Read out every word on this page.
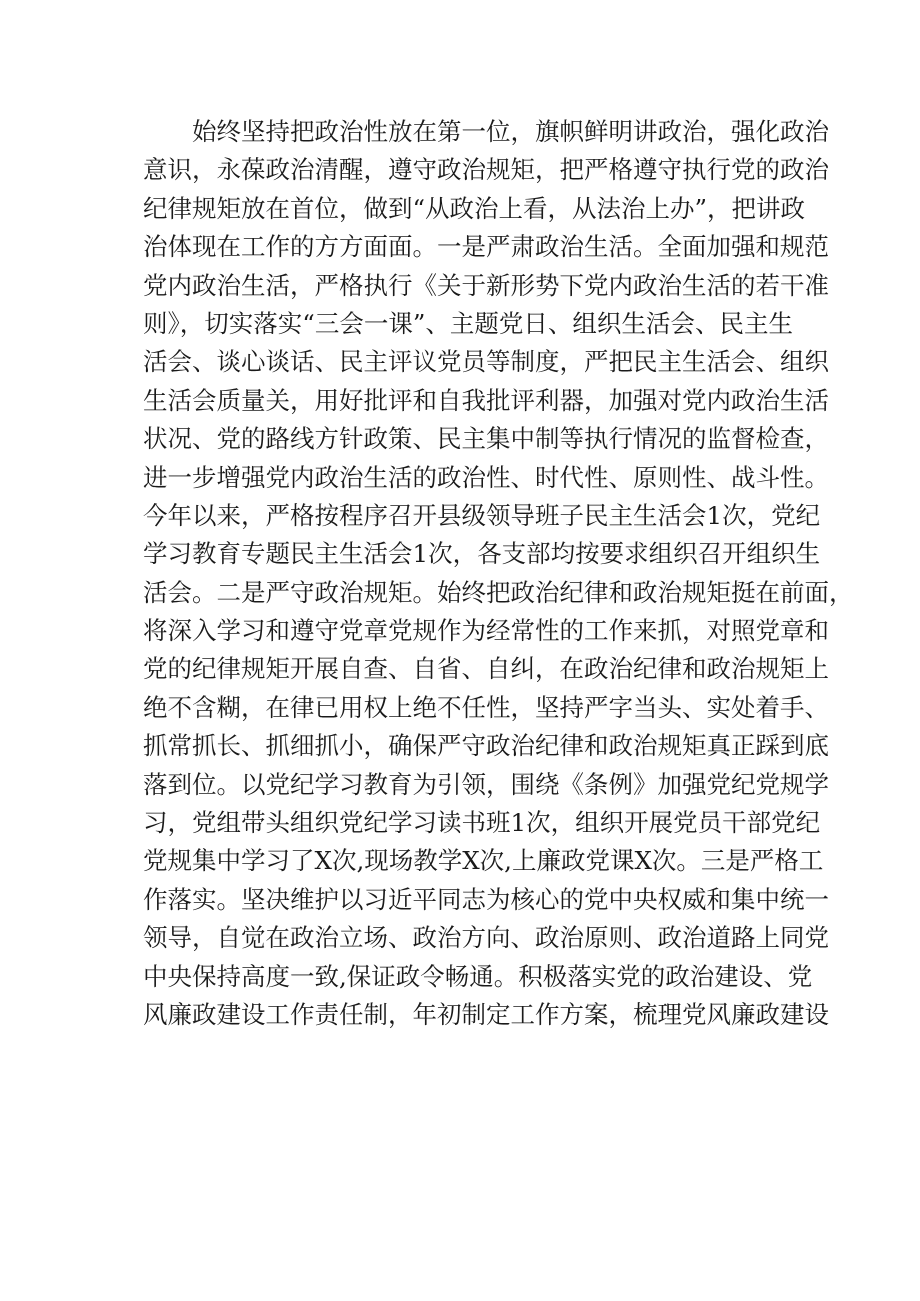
始终坚持把政治性放在第一位，旗帜鲜明讲政治，强化政治
意识，永葆政治清醒，遵守政治规矩，把严格遵守执行党的政治
纪律规矩放在首位，做到“从政治上看，从法治上办”，把讲政
治体现在工作的方方面面。一是严肃政治生活。全面加强和规范
党内政治生活，严格执行《关于新形势下党内政治生活的若干准
则》，切实落实“三会一课”、主题党日、组织生活会、民主生
活会、谈心谈话、民主评议党员等制度，严把民主生活会、组织
生活会质量关，用好批评和自我批评利器，加强对党内政治生活
状况、党的路线方针政策、民主集中制等执行情况的监督检查，
进一步增强党内政治生活的政治性、时代性、原则性、战斗性。
今年以来，严格按程序召开县级领导班子民主生活会1次，党纪
学习教育专题民主生活会1次，各支部均按要求组织召开组织生
活会。二是严守政治规矩。始终把政治纪律和政治规矩挺在前面，
将深入学习和遵守党章党规作为经常性的工作来抓，对照党章和
党的纪律规矩开展自查、自省、自纠，在政治纪律和政治规矩上
绝不含糊，在律已用权上绝不任性，坚持严字当头、实处着手、
抓常抓长、抓细抓小，确保严守政治纪律和政治规矩真正踩到底
落到位。以党纪学习教育为引领，围绕《条例》加强党纪党规学
习，党组带头组织党纪学习读书班1次，组织开展党员干部党纪
党规集中学习了X次,现场教学X次,上廉政党课X次。三是严格工
作落实。坚决维护以习近平同志为核心的党中央权威和集中统一
领导，自觉在政治立场、政治方向、政治原则、政治道路上同党
中央保持高度一致,保证政令畅通。积极落实党的政治建设、党
风廉政建设工作责任制，年初制定工作方案，梳理党风廉政建设
